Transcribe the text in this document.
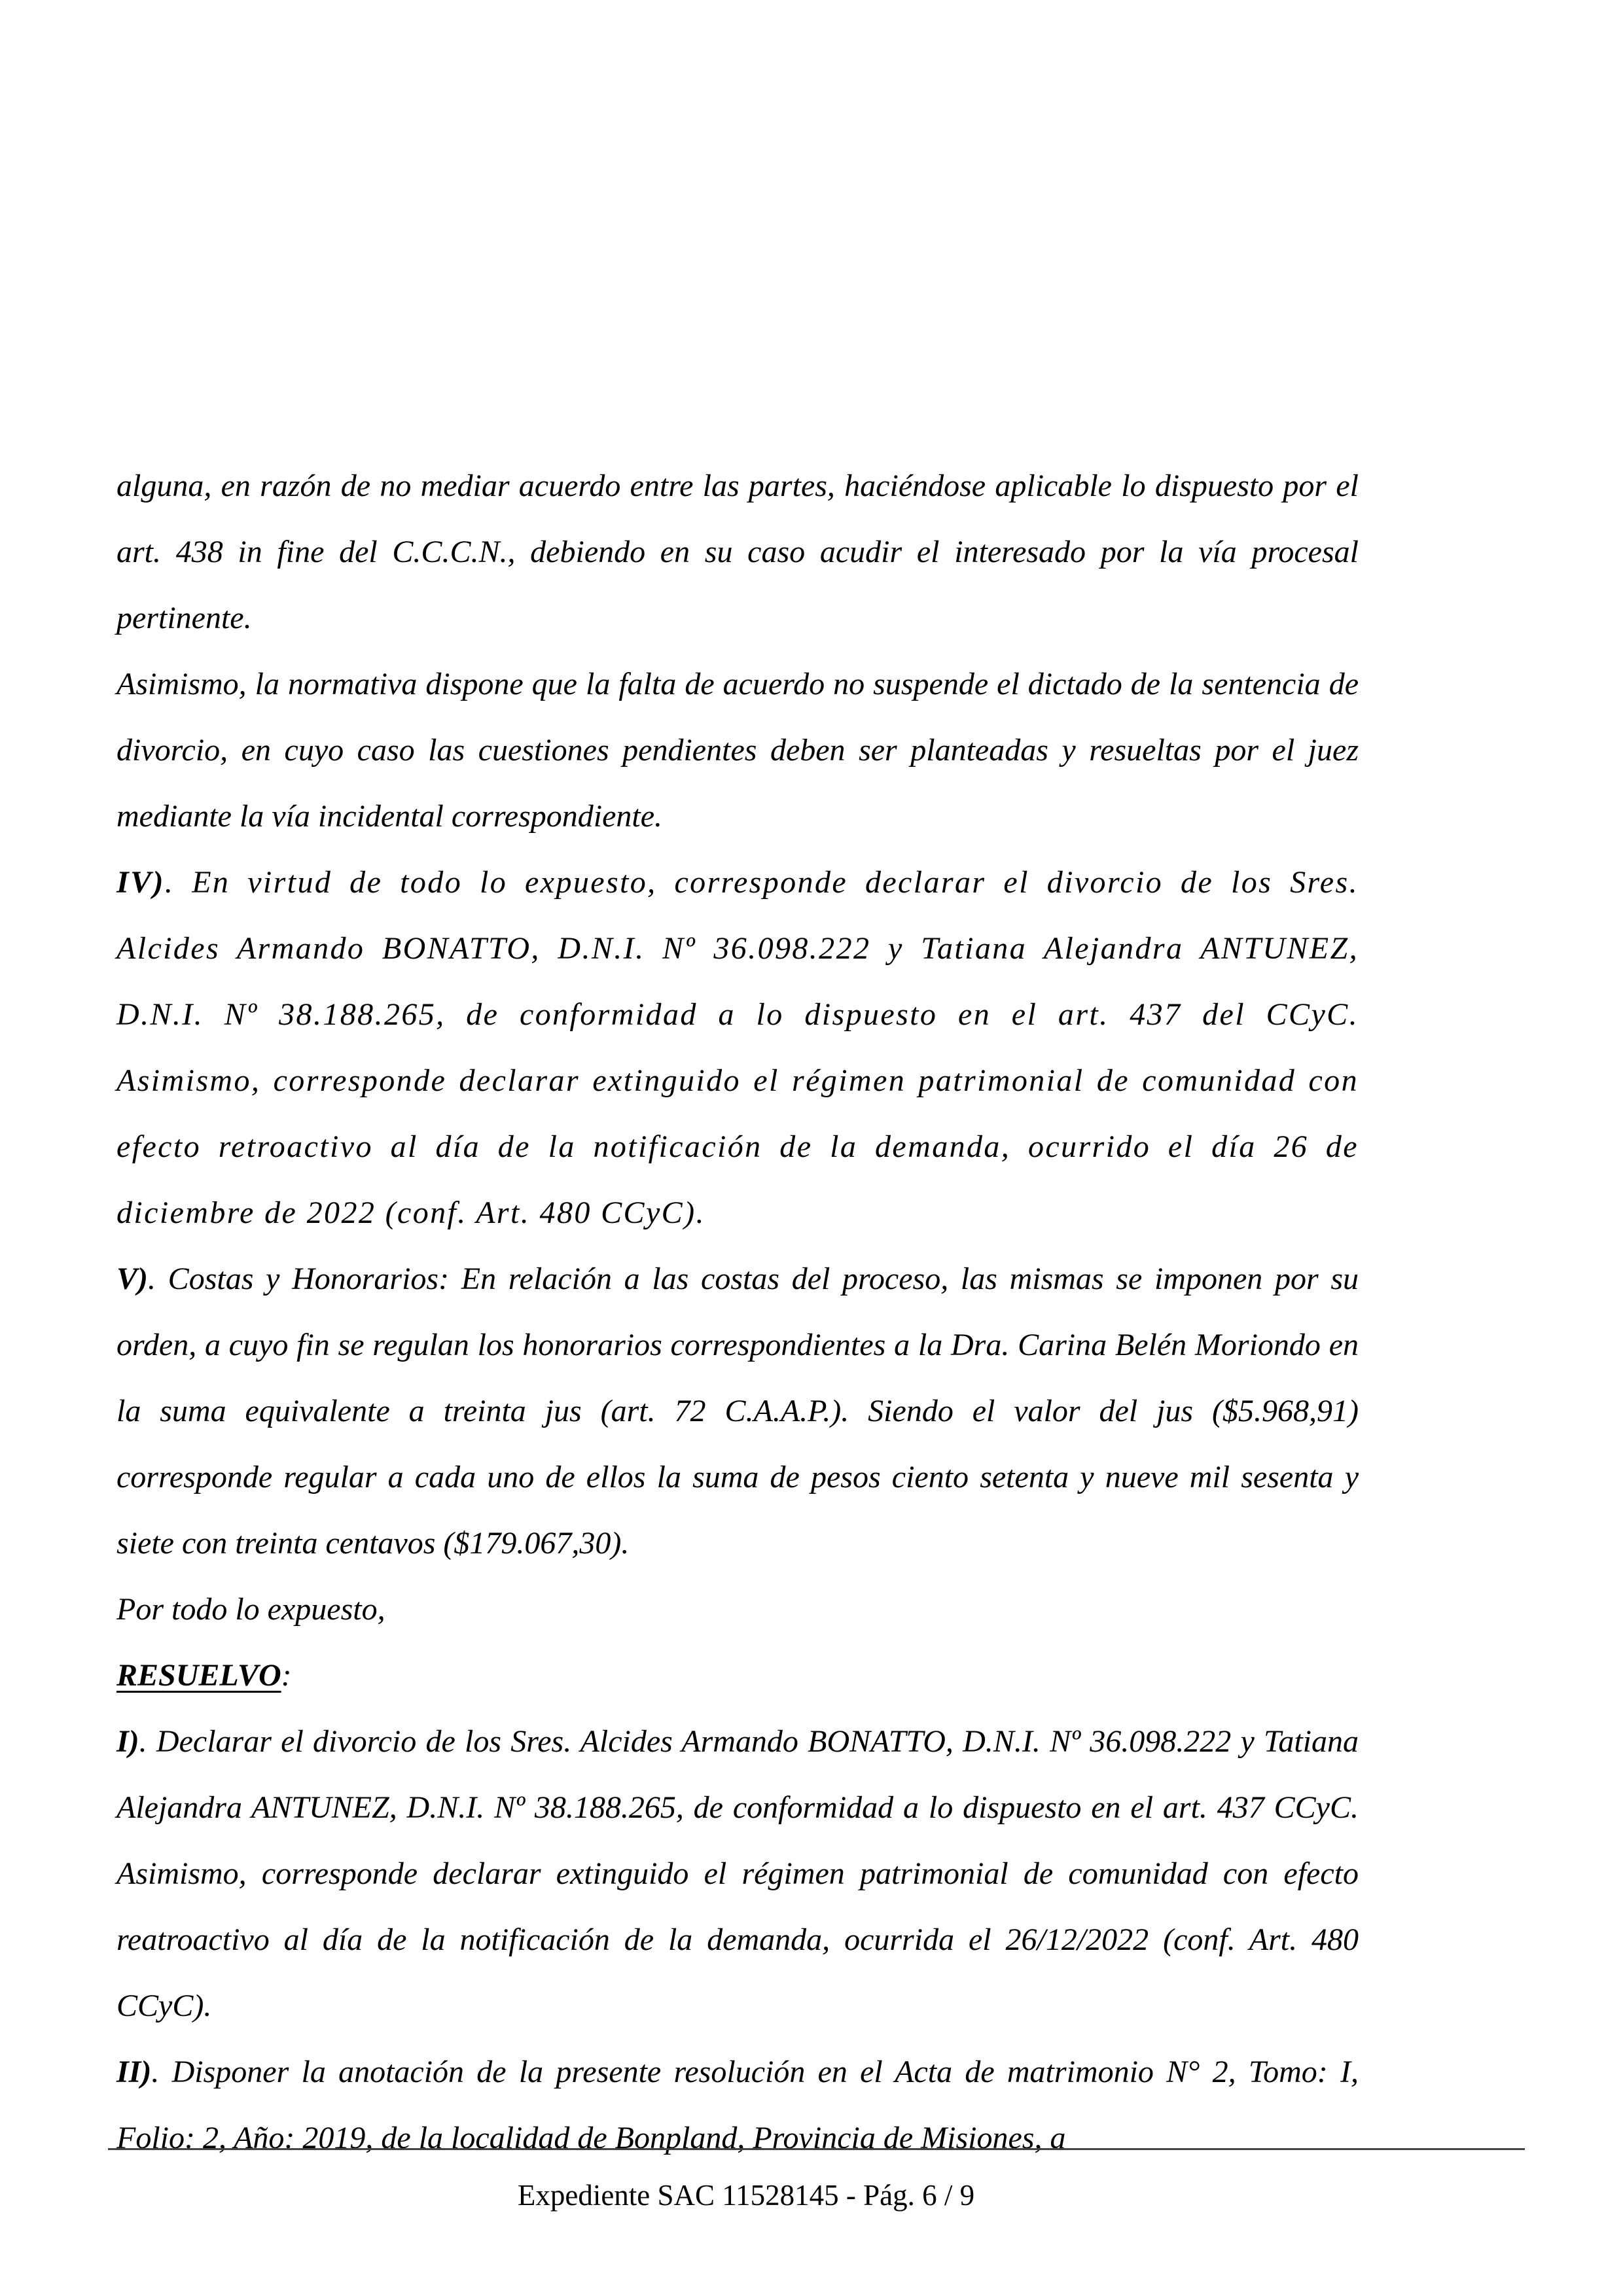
alguna, en razón de no mediar acuerdo entre las partes, haciéndose aplicable lo dispuesto por el art. 438 in fine del C.C.C.N., debiendo en su caso acudir el interesado por la vía procesal pertinente.

Asimismo, la normativa dispone que la falta de acuerdo no suspende el dictado de la sentencia de divorcio, en cuyo caso las cuestiones pendientes deben ser planteadas y resueltas por el juez mediante la vía incidental correspondiente.

IV). En virtud de todo lo expuesto, corresponde declarar el divorcio de los Sres. Alcides Armando BONATTO, D.N.I. Nº 36.098.222 y Tatiana Alejandra ANTUNEZ, D.N.I. Nº 38.188.265, de conformidad a lo dispuesto en el art. 437 del CCyC. Asimismo, corresponde declarar extinguido el régimen patrimonial de comunidad con efecto retroactivo al día de la notificación de la demanda, ocurrido el día 26 de diciembre de 2022 (conf. Art. 480 CCyC).

V). Costas y Honorarios: En relación a las costas del proceso, las mismas se imponen por su orden, a cuyo fin se regulan los honorarios correspondientes a la Dra. Carina Belén Moriondo en la suma equivalente a treinta jus (art. 72 C.A.A.P.). Siendo el valor del jus ($5.968,91) corresponde regular a cada uno de ellos la suma de pesos ciento setenta y nueve mil sesenta y siete con treinta centavos ($179.067,30).

Por todo lo expuesto,

RESUELVO:

I). Declarar el divorcio de los Sres. Alcides Armando BONATTO, D.N.I. Nº 36.098.222 y Tatiana Alejandra ANTUNEZ, D.N.I. Nº 38.188.265, de conformidad a lo dispuesto en el art. 437 CCyC. Asimismo, corresponde declarar extinguido el régimen patrimonial de comunidad con efecto reatroactivo al día de la notificación de la demanda, ocurrida el 26/12/2022 (conf. Art. 480 CCyC).

II). Disponer la anotación de la presente resolución en el Acta de matrimonio N° 2, Tomo: I, Folio: 2, Año: 2019, de la localidad de Bonpland, Provincia de Misiones, a

Expediente SAC 11528145 - Pág. 6 / 9
